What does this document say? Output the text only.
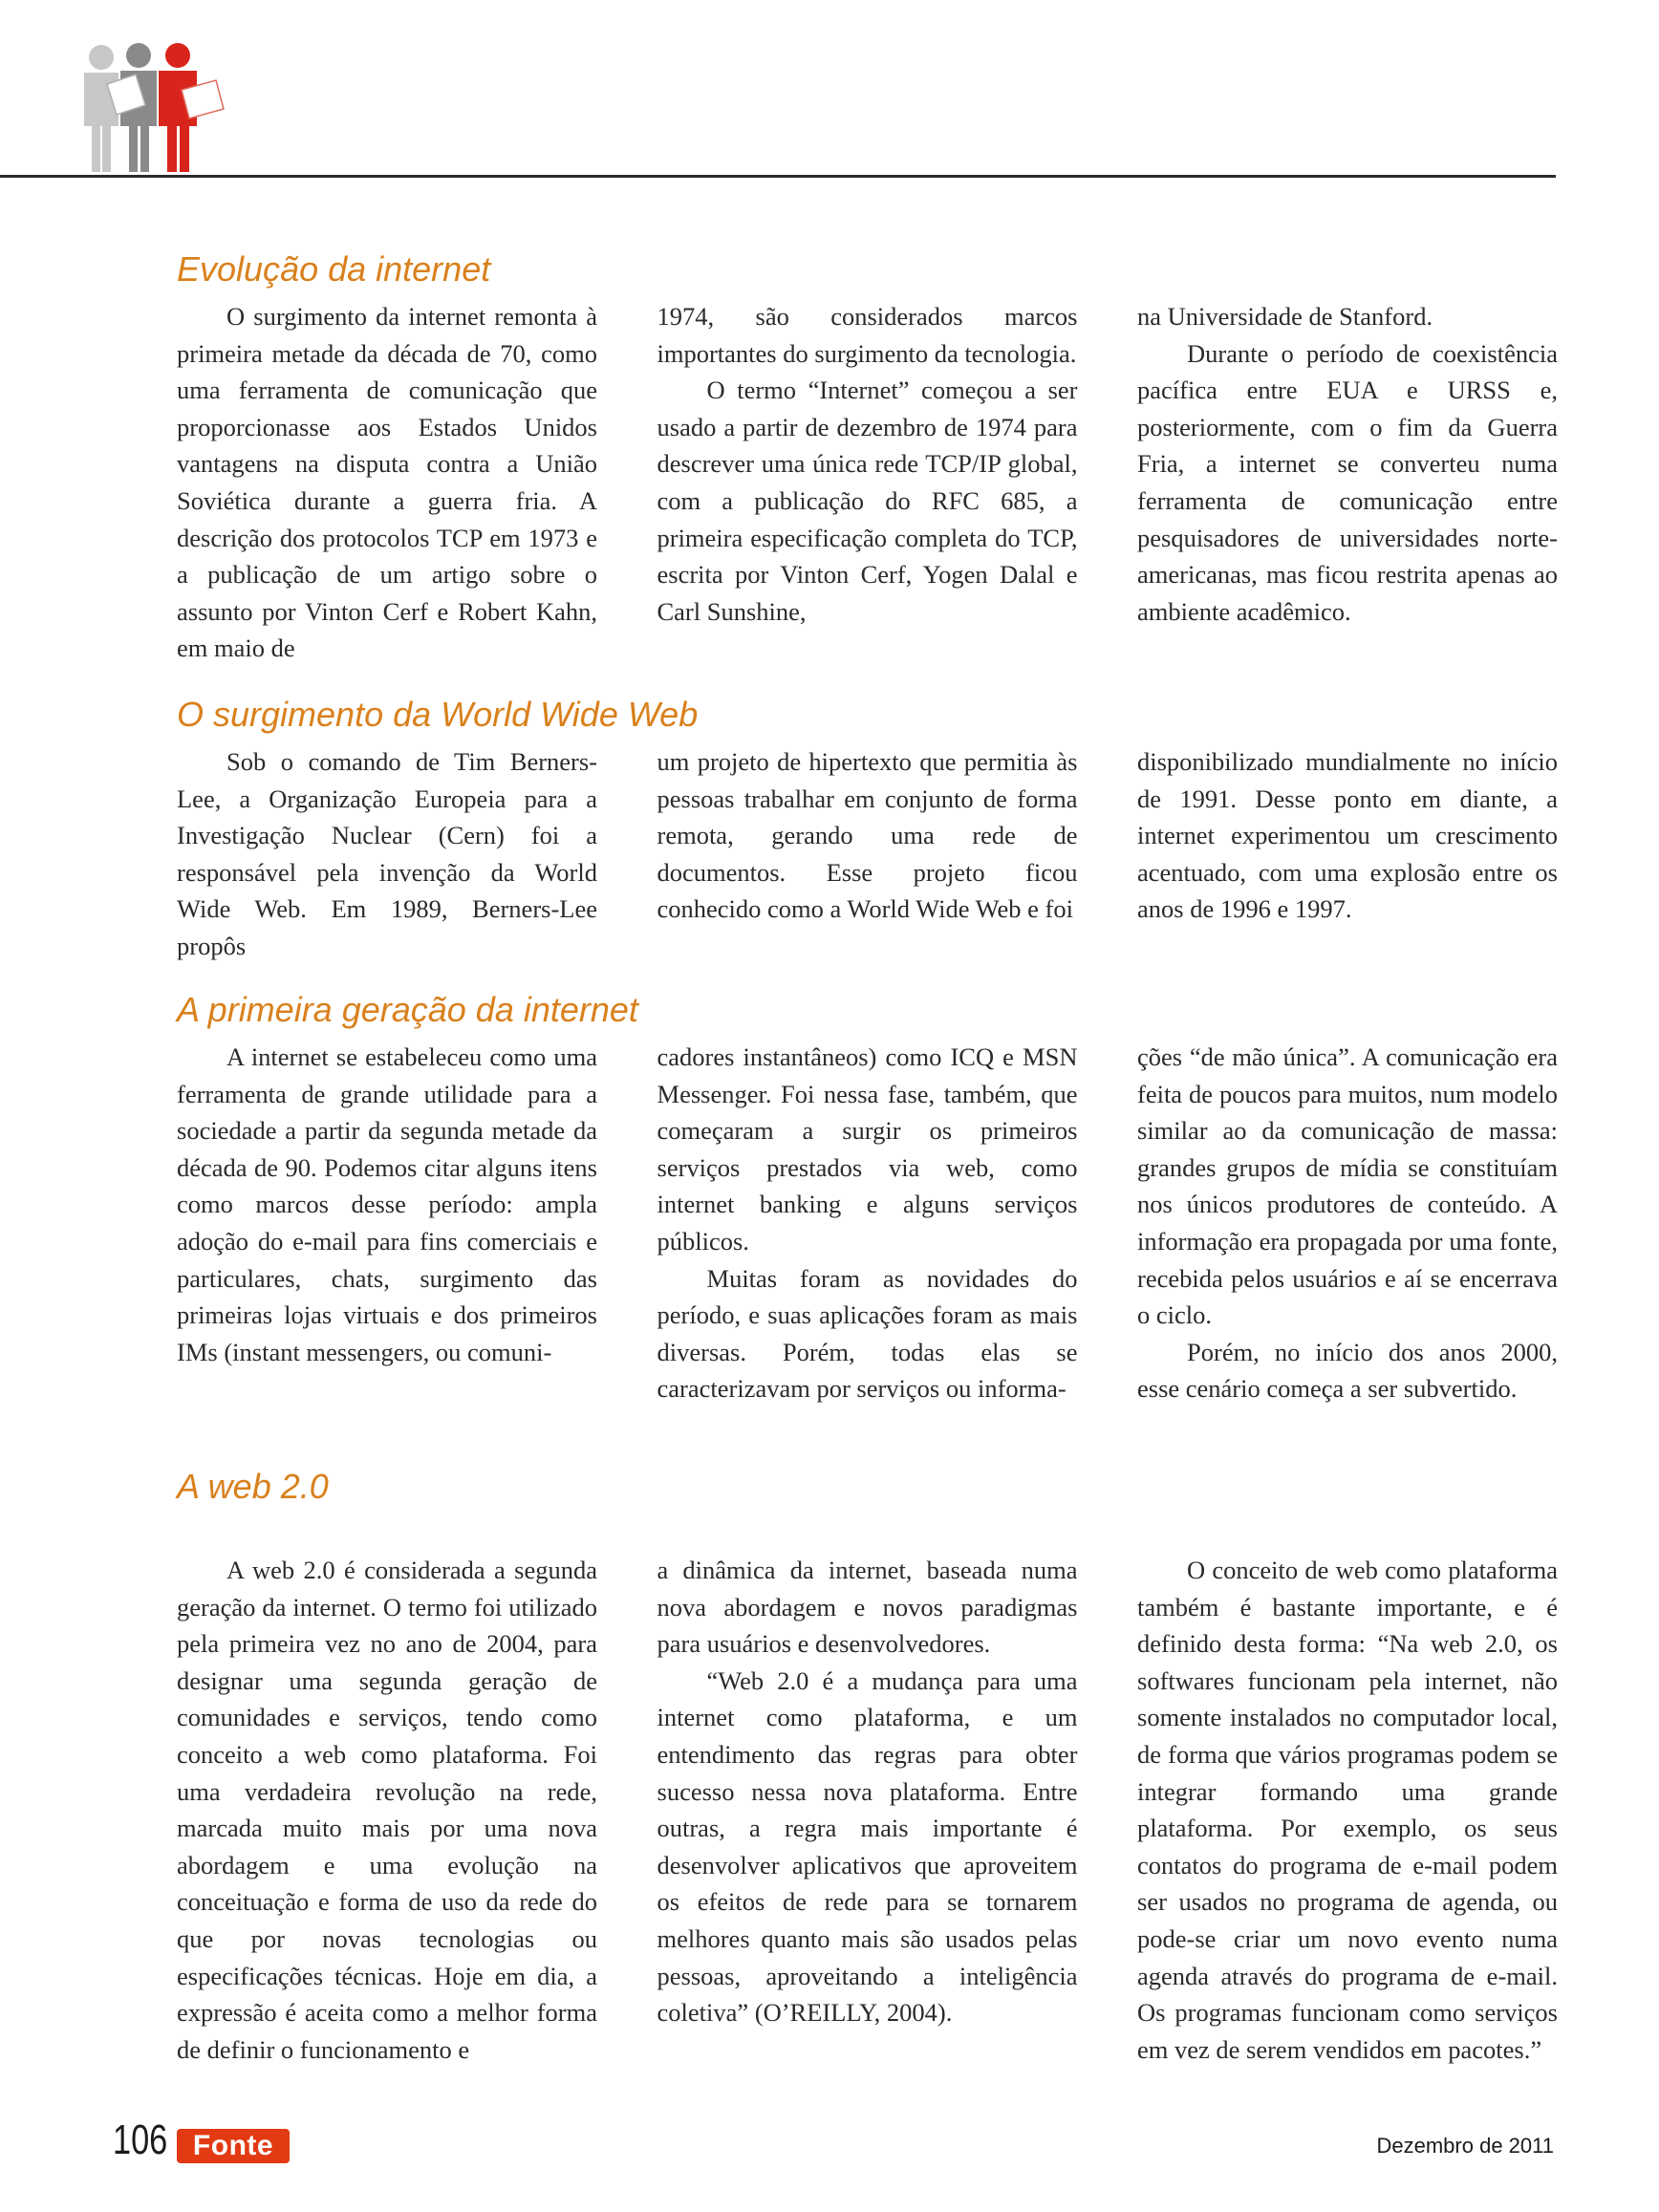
Evolução da internet

O surgimento da internet remonta à primeira metade da década de 70, como uma ferramenta de comunicação que proporcionasse aos Estados Unidos vantagens na disputa contra a União Soviética durante a guerra fria. A descrição dos protocolos TCP em 1973 e a publicação de um artigo sobre o assunto por Vinton Cerf e Robert Kahn, em maio de

1974, são considerados marcos importantes do surgimento da tecnologia.

O termo “Internet” começou a ser usado a partir de dezembro de 1974 para descrever uma única rede TCP/IP global, com a publicação do RFC 685, a primeira especificação completa do TCP, escrita por Vinton Cerf, Yogen Dalal e Carl Sunshine,

na Universidade de Stanford.

Durante o período de coexistência pacífica entre EUA e URSS e, posteriormente, com o fim da Guerra Fria, a internet se converteu numa ferramenta de comunicação entre pesquisadores de universidades norte-americanas, mas ficou restrita apenas ao ambiente acadêmico.

O surgimento da World Wide Web

Sob o comando de Tim Berners-Lee, a Organização Europeia para a Investigação Nuclear (Cern) foi a responsável pela invenção da World Wide Web. Em 1989, Berners-Lee propôs

um projeto de hipertexto que permitia às pessoas trabalhar em conjunto de forma remota, gerando uma rede de documentos. Esse projeto ficou conhecido como a World Wide Web e foi

disponibilizado mundialmente no início de 1991. Desse ponto em diante, a internet experimentou um crescimento acentuado, com uma explosão entre os anos de 1996 e 1997.

A primeira geração da internet

A internet se estabeleceu como uma ferramenta de grande utilidade para a sociedade a partir da segunda metade da década de 90. Podemos citar alguns itens como marcos desse período: ampla adoção do e-mail para fins comerciais e particulares, chats, surgimento das primeiras lojas virtuais e dos primeiros IMs (instant messengers, ou comuni-

cadores instantâneos) como ICQ e MSN Messenger. Foi nessa fase, também, que começaram a surgir os primeiros serviços prestados via web, como internet banking e alguns serviços públicos.

Muitas foram as novidades do período, e suas aplicações foram as mais diversas. Porém, todas elas se caracterizavam por serviços ou informa-

ções “de mão única”. A comunicação era feita de poucos para muitos, num modelo similar ao da comunicação de massa: grandes grupos de mídia se constituíam nos únicos produtores de conteúdo. A informação era propagada por uma fonte, recebida pelos usuários e aí se encerrava o ciclo.

Porém, no início dos anos 2000, esse cenário começa a ser subvertido.

A web 2.0

A web 2.0 é considerada a segunda geração da internet. O termo foi utilizado pela primeira vez no ano de 2004, para designar uma segunda geração de comunidades e serviços, tendo como conceito a web como plataforma. Foi uma verdadeira revolução na rede, marcada muito mais por uma nova abordagem e uma evolução na conceituação e forma de uso da rede do que por novas tecnologias ou especificações técnicas. Hoje em dia, a expressão é aceita como a melhor forma de definir o funcionamento e

a dinâmica da internet, baseada numa nova abordagem e novos paradigmas para usuários e desenvolvedores.

“Web 2.0 é a mudança para uma internet como plataforma, e um entendimento das regras para obter sucesso nessa nova plataforma. Entre outras, a regra mais importante é desenvolver aplicativos que aproveitem os efeitos de rede para se tornarem melhores quanto mais são usados pelas pessoas, aproveitando a inteligência coletiva” (O’REILLY, 2004).

O conceito de web como plataforma também é bastante importante, e é definido desta forma: “Na web 2.0, os softwares funcionam pela internet, não somente instalados no computador local, de forma que vários programas podem se integrar formando uma grande plataforma. Por exemplo, os seus contatos do programa de e-mail podem ser usados no programa de agenda, ou pode-se criar um novo evento numa agenda através do programa de e-mail. Os programas funcionam como serviços em vez de serem vendidos em pacotes.”

106 Fonte	Dezembro de 2011
